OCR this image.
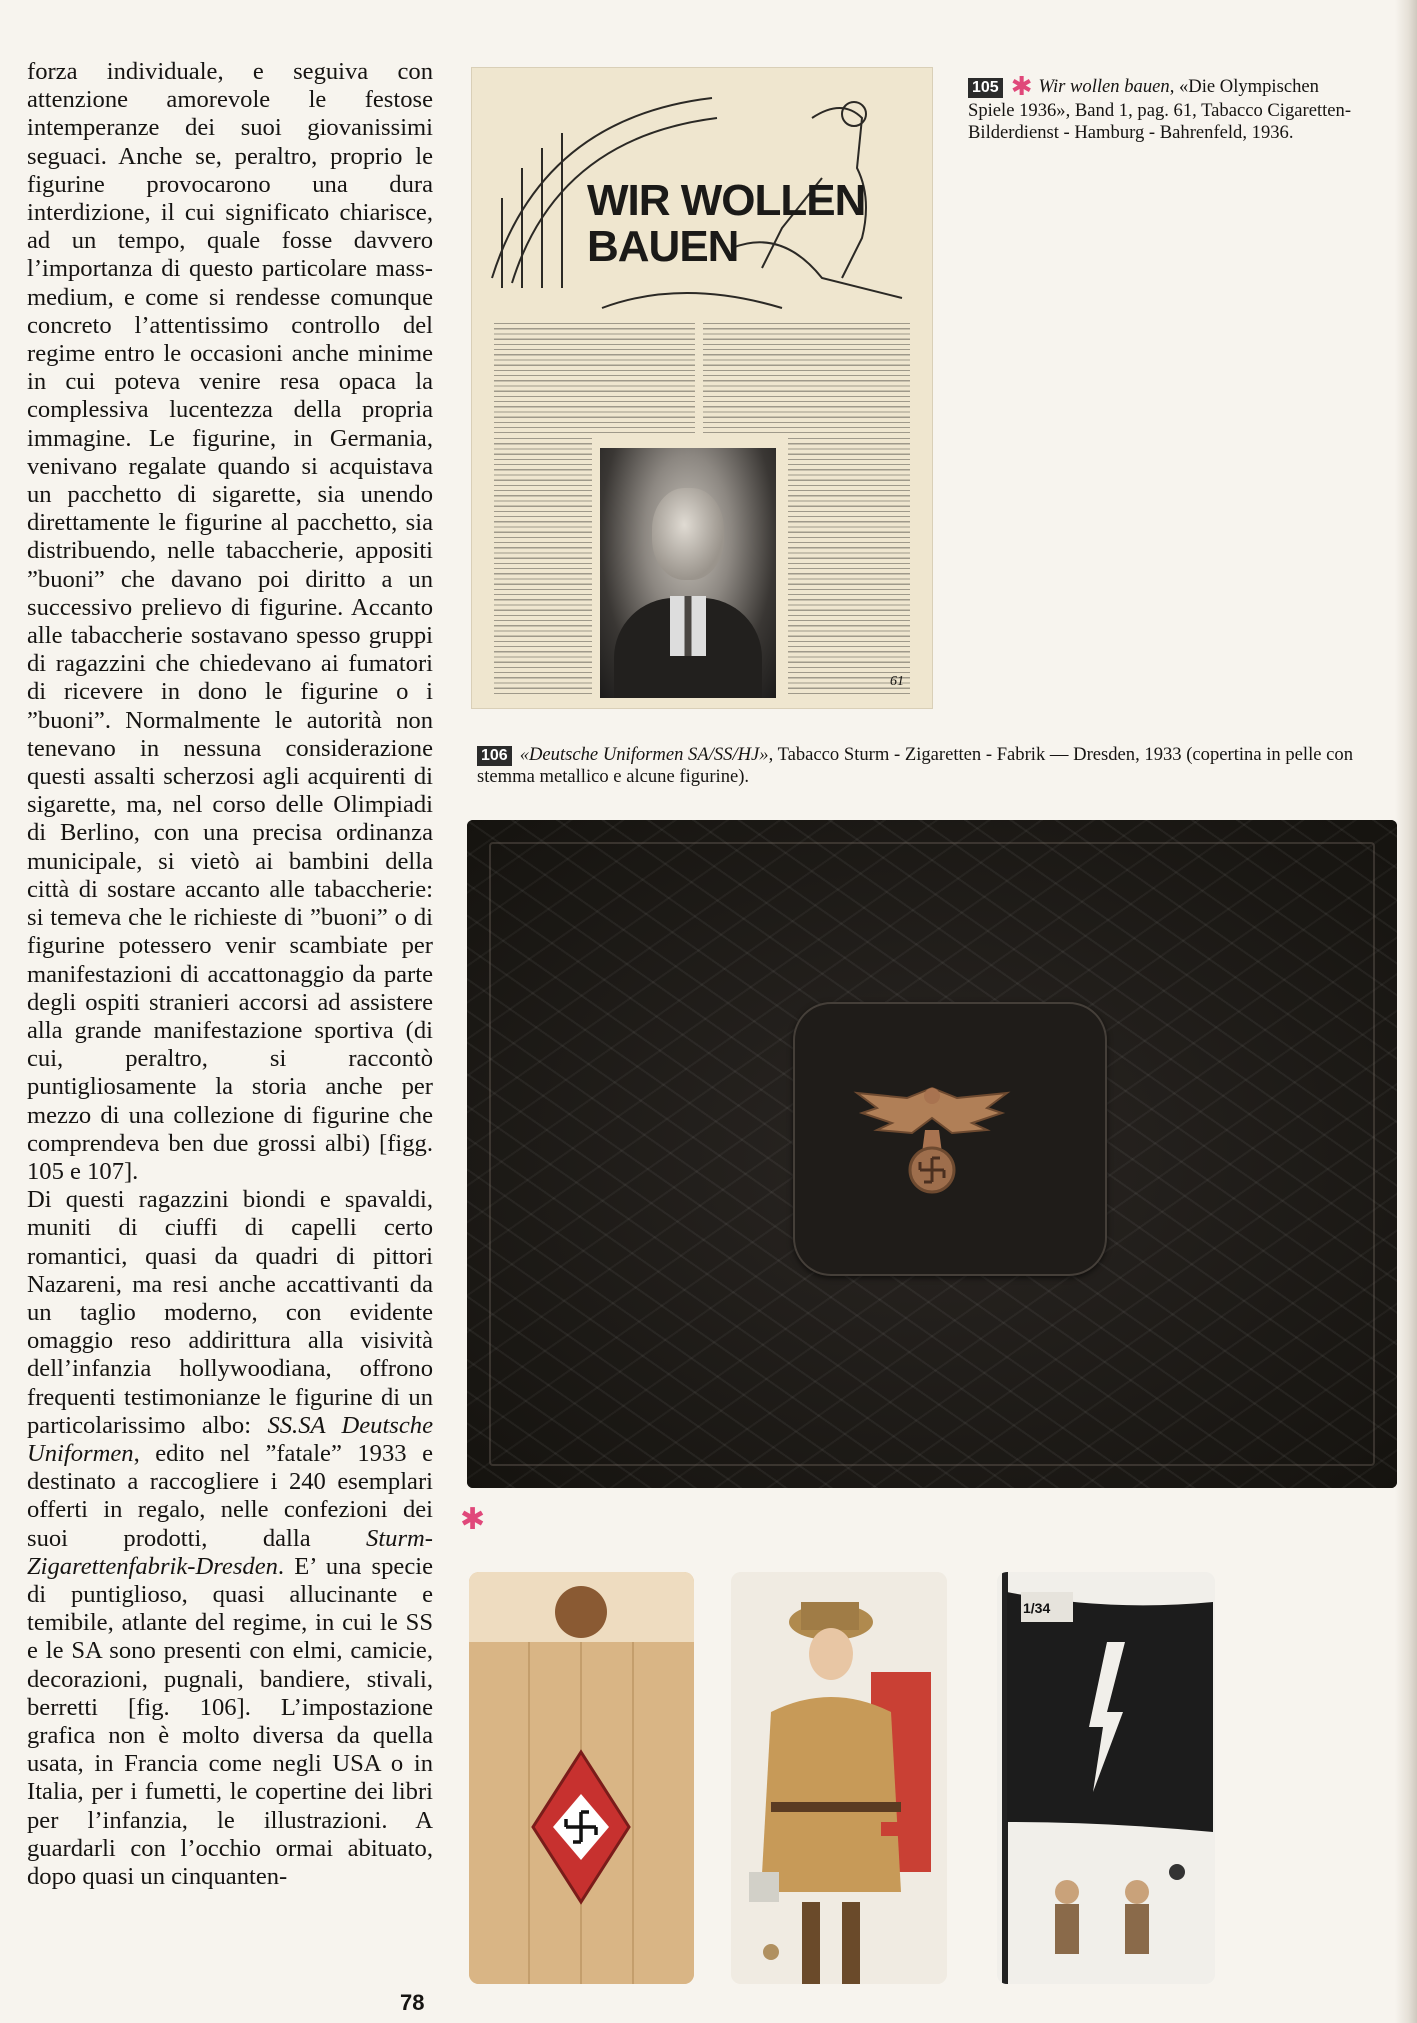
forza individuale, e seguiva con attenzione amorevole le festose intemperanze dei suoi giovanissimi seguaci. Anche se, peraltro, proprio le figurine provocarono una dura interdizione, il cui significato chiarisce, ad un tempo, quale fosse davvero l’importanza di questo particolare mass-medium, e come si rendesse comunque concreto l’attentissimo controllo del regime entro le occasioni anche minime in cui poteva venire resa opaca la complessiva lucentezza della propria immagine. Le figurine, in Germania, venivano regalate quando si acquistava un pacchetto di sigarette, sia unendo direttamente le figurine al pacchetto, sia distribuendo, nelle tabaccherie, appositi ”buoni” che davano poi diritto a un successivo prelievo di figurine. Accanto alle tabaccherie sostavano spesso gruppi di ragazzini che chiedevano ai fumatori di ricevere in dono le figurine o i ”buoni”. Normalmente le autorità non tenevano in nessuna considerazione questi assalti scherzosi agli acquirenti di sigarette, ma, nel corso delle Olimpiadi di Berlino, con una precisa ordinanza municipale, si vietò ai bambini della città di sostare accanto alle tabaccherie: si temeva che le richieste di ”buoni” o di figurine potessero venir scambiate per manifestazioni di accattonaggio da parte degli ospiti stranieri accorsi ad assistere alla grande manifestazione sportiva (di cui, peraltro, si raccontò puntigliosamente la storia anche per mezzo di una collezione di figurine che comprendeva ben due grossi albi) [figg. 105 e 107].

Di questi ragazzini biondi e spavaldi, muniti di ciuffi di capelli certo romantici, quasi da quadri di pittori Nazareni, ma resi anche accattivanti da un taglio moderno, con evidente omaggio reso addirittura alla visività dell’infanzia hollywoodiana, offrono frequenti testimonianze le figurine di un particolarissimo albo: SS.SA Deutsche Uniformen, edito nel ”fatale” 1933 e destinato a raccogliere i 240 esemplari offerti in regalo, nelle confezioni dei suoi prodotti, dalla Sturm-Zigarettenfabrik-Dresden. E’ una specie di puntiglioso, quasi allucinante e temibile, atlante del regime, in cui le SS e le SA sono presenti con elmi, camicie, decorazioni, pugnali, bandiere, stivali, berretti [fig. 106]. L’impostazione grafica non è molto diversa da quella usata, in Francia come negli USA o in Italia, per i fumetti, le copertine dei libri per l’infanzia, le illustrazioni. A guardarli con l’occhio ormai abituato, dopo quasi un cinquanten-

78
WIR WOLLEN
BAUEN
61
105 ✱ Wir wollen bauen, «Die Olympischen Spiele 1936», Band 1, pag. 61, Tabacco Cigaretten-Bilderdienst - Hamburg - Bahrenfeld, 1936.
106 «Deutsche Uniformen SA/SS/HJ», Tabacco Sturm - Zigaretten - Fabrik — Dresden, 1933 (copertina in pelle con stemma metallico e alcune figurine).
✱
1/34
